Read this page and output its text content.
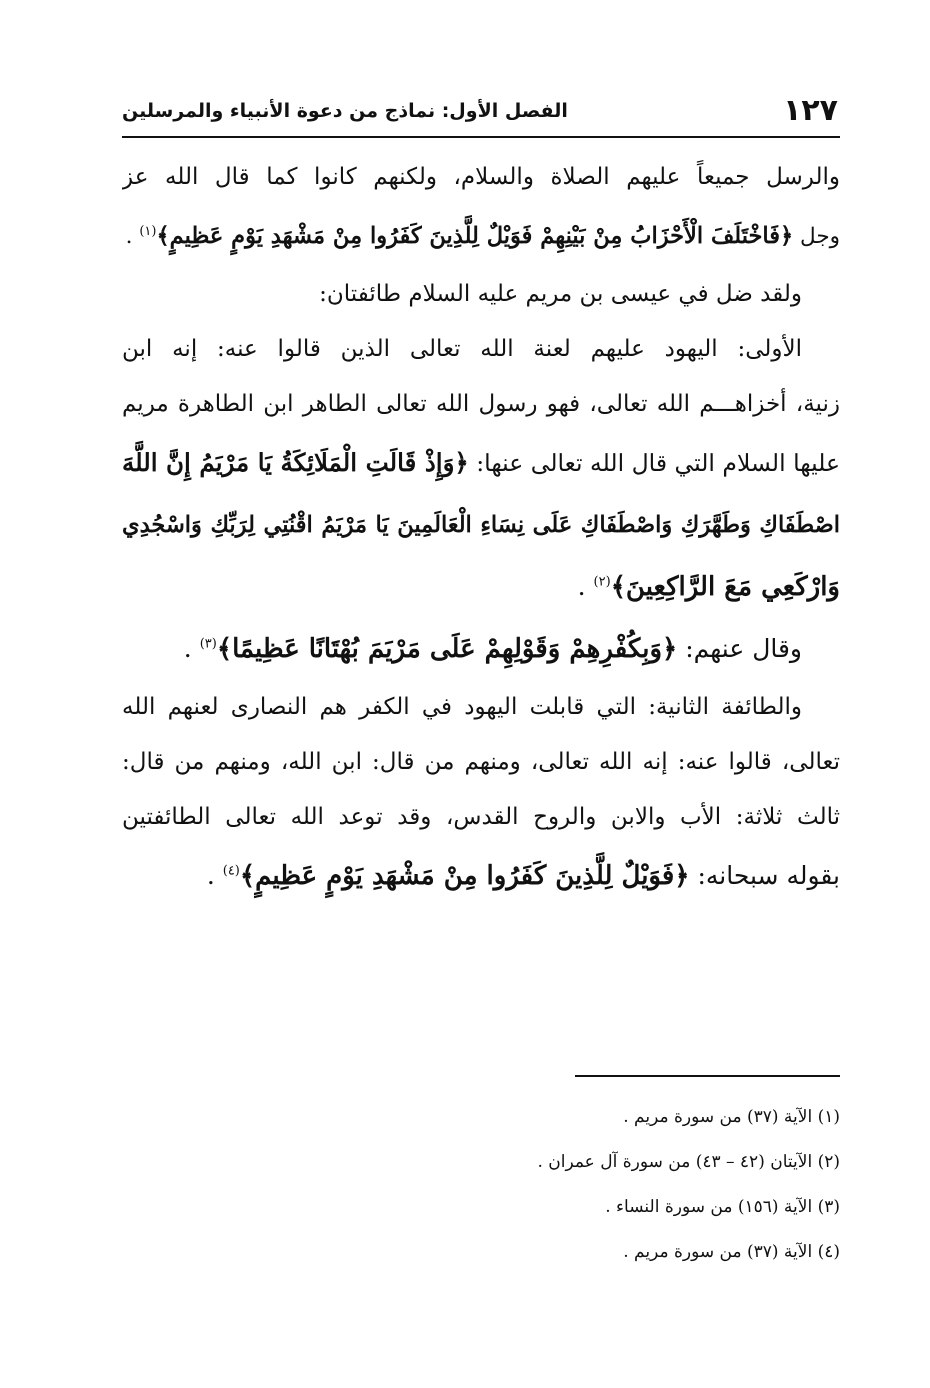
١٢٧
الفصل الأول: نماذج من دعوة الأنبياء والمرسلين
والرسل جميعاً عليهم الصلاة والسلام، ولكنهم كانوا كما قال الله عز
وجل ﴿فَاخْتَلَفَ الْأَحْزَابُ مِنْ بَيْنِهِمْ فَوَيْلٌ لِلَّذِينَ كَفَرُوا مِنْ مَشْهَدِ يَوْمٍ عَظِيمٍ﴾$^{(١)}$ .
ولقد ضل في عيسى بن مريم عليه السلام طائفتان:
الأولى: اليهود عليهم لعنة الله تعالى الذين قالوا عنه: إنه ابن
زنية، أخزاهـــم الله تعالى، فهو رسول الله تعالى الطاهر ابن الطاهرة مريم
عليها السلام التي قال الله تعالى عنها: ﴿وَإِذْ قَالَتِ الْمَلَائِكَةُ يَا مَرْيَمُ إِنَّ اللَّهَ
اصْطَفَاكِ وَطَهَّرَكِ وَاصْطَفَاكِ عَلَى نِسَاءِ الْعَالَمِينَ يَا مَرْيَمُ اقْنُتِي لِرَبِّكِ وَاسْجُدِي
وَارْكَعِي مَعَ الرَّاكِعِينَ﴾$^{(٢)}$ .
وقال عنهم: ﴿وَبِكُفْرِهِمْ وَقَوْلِهِمْ عَلَى مَرْيَمَ بُهْتَانًا عَظِيمًا﴾$^{(٣)}$ .
والطائفة الثانية: التي قابلت اليهود في الكفر هم النصارى لعنهم الله
تعالى، قالوا عنه: إنه الله تعالى، ومنهم من قال: ابن الله، ومنهم من قال:
ثالث ثلاثة: الأب والابن والروح القدس، وقد توعد الله تعالى الطائفتين
بقوله سبحانه: ﴿فَوَيْلٌ لِلَّذِينَ كَفَرُوا مِنْ مَشْهَدِ يَوْمٍ عَظِيمٍ﴾$^{(٤)}$ .
(١) الآية (٣٧) من سورة مريم .
(٢) الآيتان (٤٢ – ٤٣) من سورة آل عمران .
(٣) الآية (١٥٦) من سورة النساء .
(٤) الآية (٣٧) من سورة مريم .
